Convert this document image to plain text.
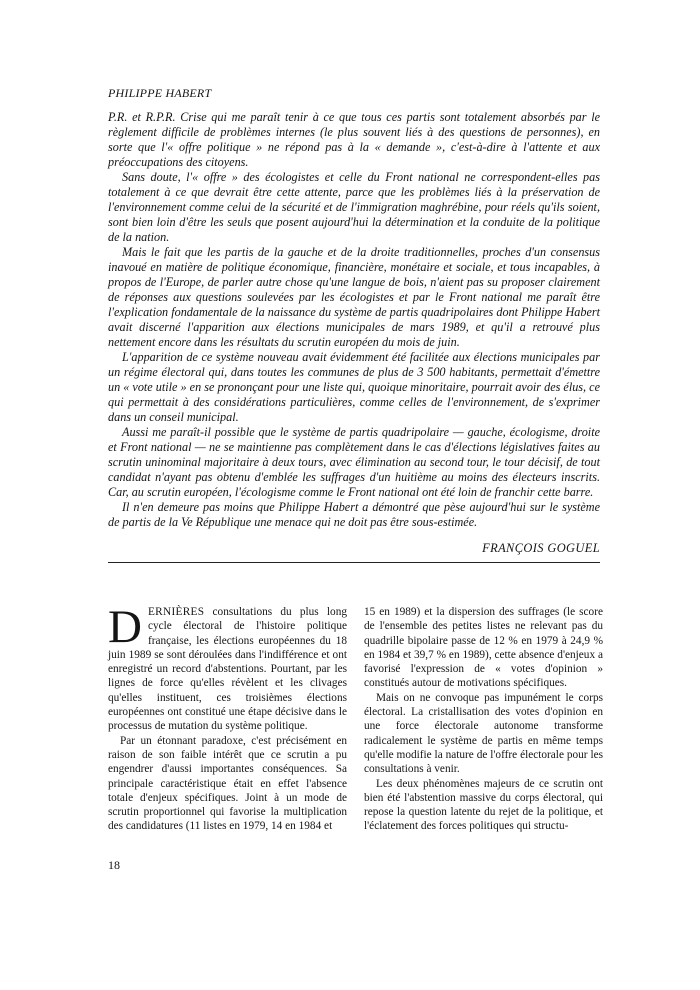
PHILIPPE HABERT

P.R. et R.P.R. Crise qui me paraît tenir à ce que tous ces partis sont totalement absorbés par le règlement difficile de problèmes internes (le plus souvent liés à des questions de personnes), en sorte que l'« offre politique » ne répond pas à la « demande », c'est-à-dire à l'attente et aux préoccupations des citoyens.

Sans doute, l'« offre » des écologistes et celle du Front national ne correspondent-elles pas totalement à ce que devrait être cette attente, parce que les problèmes liés à la préservation de l'environnement comme celui de la sécurité et de l'immigration maghrébine, pour réels qu'ils soient, sont bien loin d'être les seuls que posent aujourd'hui la détermination et la conduite de la politique de la nation.

Mais le fait que les partis de la gauche et de la droite traditionnelles, proches d'un consensus inavoué en matière de politique économique, financière, monétaire et sociale, et tous incapables, à propos de l'Europe, de parler autre chose qu'une langue de bois, n'aient pas su proposer clairement de réponses aux questions soulevées par les écologistes et par le Front national me paraît être l'explication fondamentale de la naissance du système de partis quadripolaires dont Philippe Habert avait discerné l'apparition aux élections municipales de mars 1989, et qu'il a retrouvé plus nettement encore dans les résultats du scrutin européen du mois de juin.

L'apparition de ce système nouveau avait évidemment été facilitée aux élections municipales par un régime électoral qui, dans toutes les communes de plus de 3 500 habitants, permettait d'émettre un « vote utile » en se prononçant pour une liste qui, quoique minoritaire, pourrait avoir des élus, ce qui permettait à des considérations particulières, comme celles de l'environnement, de s'exprimer dans un conseil municipal.

Aussi me paraît-il possible que le système de partis quadripolaire — gauche, écologisme, droite et Front national — ne se maintienne pas complètement dans le cas d'élections législatives faites au scrutin uninominal majoritaire à deux tours, avec élimination au second tour, le tour décisif, de tout candidat n'ayant pas obtenu d'emblée les suffrages d'un huitième au moins des électeurs inscrits. Car, au scrutin européen, l'écologisme comme le Front national ont été loin de franchir cette barre.

Il n'en demeure pas moins que Philippe Habert a démontré que pèse aujourd'hui sur le système de partis de la Ve République une menace qui ne doit pas être sous-estimée.

FRANÇOIS GOGUEL

DERNIÈRES consultations du plus long cycle électoral de l'histoire politique française, les élections européennes du 18 juin 1989 se sont déroulées dans l'indifférence et ont enregistré un record d'abstentions. Pourtant, par les lignes de force qu'elles révèlent et les clivages qu'elles instituent, ces troisièmes élections européennes ont constitué une étape décisive dans le processus de mutation du système politique.

Par un étonnant paradoxe, c'est précisément en raison de son faible intérêt que ce scrutin a pu engendrer d'aussi importantes conséquences. Sa principale caractéristique était en effet l'absence totale d'enjeux spécifiques. Joint à un mode de scrutin proportionnel qui favorise la multiplication des candidatures (11 listes en 1979, 14 en 1984 et

15 en 1989) et la dispersion des suffrages (le score de l'ensemble des petites listes ne relevant pas du quadrille bipolaire passe de 12 % en 1979 à 24,9 % en 1984 et 39,7 % en 1989), cette absence d'enjeux a favorisé l'expression de « votes d'opinion » constitués autour de motivations spécifiques.

Mais on ne convoque pas impunément le corps électoral. La cristallisation des votes d'opinion en une force électorale autonome transforme radicalement le système de partis en même temps qu'elle modifie la nature de l'offre électorale pour les consultations à venir.

Les deux phénomènes majeurs de ce scrutin ont bien été l'abstention massive du corps électoral, qui repose la question latente du rejet de la politique, et l'éclatement des forces politiques qui structu-

18
